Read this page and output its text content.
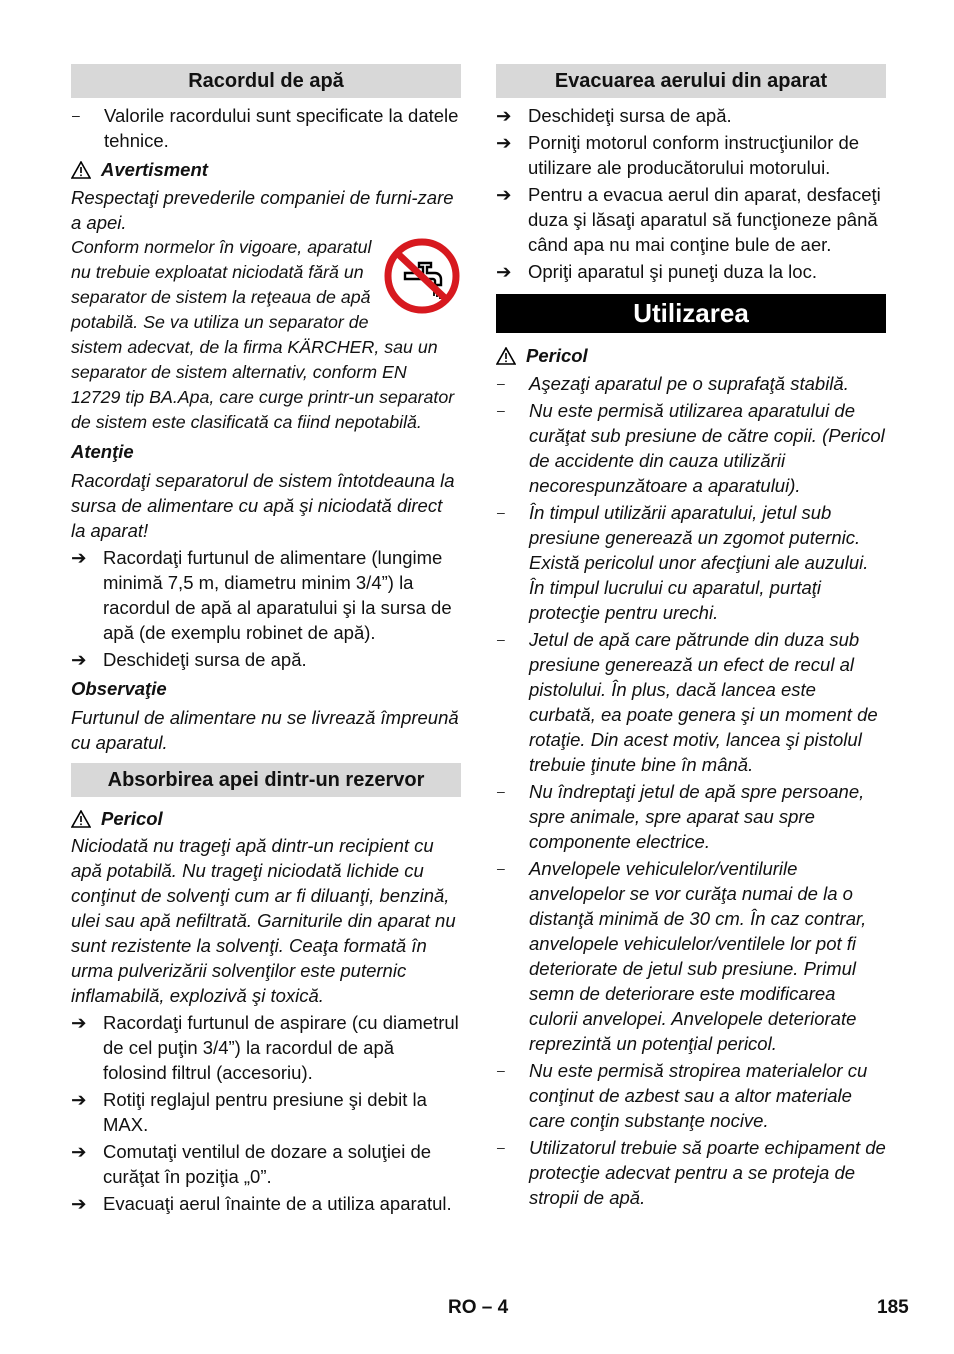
Racordul de apă
–	Valorile racordului sunt specificate la datele tehnice.
Avertisment

Respectaţi prevederile companiei de furni-zare a apei.

Conform normelor în vigoare, aparatul nu trebuie exploatat niciodată fără un separator de sistem la reţeaua de apă potabilă. Se va utiliza un separator de sistem adecvat, de la firma KÄRCHER, sau un separator de sistem alternativ, conform EN 12729 tip BA.Apa, care curge printr-un separator de sistem este clasificată ca fiind nepotabilă.

Atenţie

Racordaţi separatorul de sistem întotdeauna la sursa de alimentare cu apă şi niciodată direct la aparat!

➔ Racordaţi furtunul de alimentare (lungime minimă 7,5 m, diametru minim 3/4”) la racordul de apă al aparatului şi la sursa de apă (de exemplu robinet de apă).
➔ Deschideţi sursa de apă.
Observaţie

Furtunul de alimentare nu se livrează împreună cu aparatul.

Absorbirea apei dintr-un rezervor
Pericol

Niciodată nu trageţi apă dintr-un recipient cu apă potabilă. Nu trageţi niciodată lichide cu conţinut de solvenţi cum ar fi diluanţi, benzină, ulei sau apă nefiltrată. Garniturile din aparat nu sunt rezistente la solvenţi. Ceaţa formată în urma pulverizării solvenţilor este puternic inflamabilă, explozivă şi toxică.

➔ Racordaţi furtunul de aspirare (cu diametrul de cel puţin 3/4”) la racordul de apă folosind filtrul (accesoriu).
➔ Rotiţi reglajul pentru presiune şi debit la MAX.
➔ Comutaţi ventilul de dozare a soluţiei de curăţat în poziţia „0”.
➔ Evacuaţi aerul înainte de a utiliza aparatul.
Evacuarea aerului din aparat
➔ Deschideţi sursa de apă.
➔ Porniţi motorul conform instrucţiunilor de utilizare ale producătorului motorului.
➔ Pentru a evacua aerul din aparat, desfaceţi duza şi lăsaţi aparatul să funcţioneze până când apa nu mai conţine bule de aer.
➔ Opriţi aparatul şi puneţi duza la loc.
Utilizarea
Pericol
–	Aşezaţi aparatul pe o suprafaţă stabilă.
–	Nu este permisă utilizarea aparatului de curăţat sub presiune de către copii. (Pericol de accidente din cauza utilizării necorespunzătoare a aparatului).
–	În timpul utilizării aparatului, jetul sub presiune generează un zgomot puternic. Există pericolul unor afecţiuni ale auzului. În timpul lucrului cu aparatul, purtaţi protecţie pentru urechi.
–	Jetul de apă care pătrunde din duza sub presiune generează un efect de recul al pistolului. În plus, dacă lancea este curbată, ea poate genera şi un moment de rotaţie. Din acest motiv, lancea şi pistolul trebuie ţinute bine în mână.
–	Nu îndreptaţi jetul de apă spre persoane, spre animale, spre aparat sau spre componente electrice.
–	Anvelopele vehiculelor/ventilurile anvelopelor se vor curăţa numai de la o distanţă minimă de 30 cm. În caz contrar, anvelopele vehiculelor/ventilele lor pot fi deteriorate de jetul sub presiune. Primul semn de deteriorare este modificarea culorii anvelopei. Anvelopele deteriorate reprezintă un potenţial pericol.
–	Nu este permisă stropirea materialelor cu conţinut de azbest sau a altor materiale care conţin substanţe nocive.
–	Utilizatorul trebuie să poarte echipament de protecţie adecvat pentru a se proteja de stropii de apă.
RO – 4	185
